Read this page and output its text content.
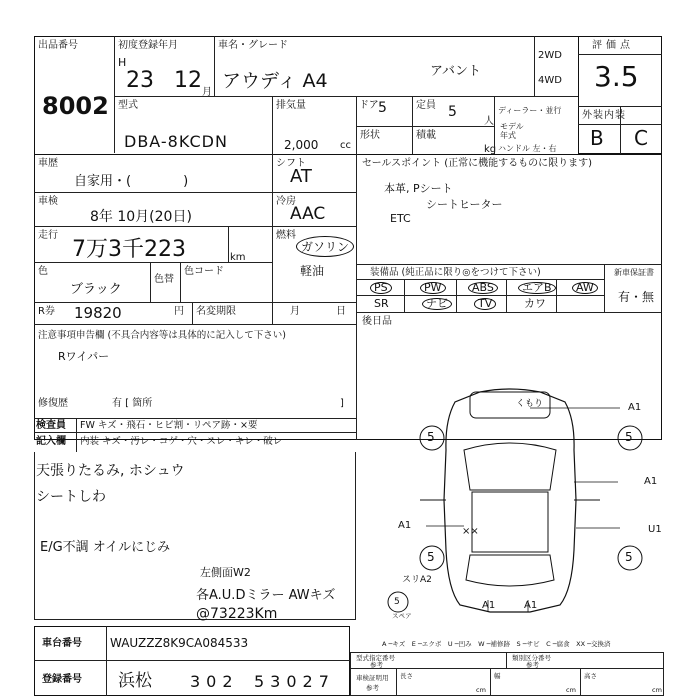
出品番号
8002
初度登録年月
H
23 12 月
車名・グレード
アウディ A4	アバント
2WD
4WD
評価点
3.5
外装内装
B C
型式
DBA-8KCDN
排気量
2,000 cc
ドア 5	定員 5
人
形状	積載
kg
ディーラー・並行
モデル年式
ハンドル 左・右
車歴
自家用・(　　　　)
シフト
AT
車検
8年 10月(20日)
冷房
AAC
走行
7万3千223	km
燃料
ガソリン
軽油
色
ブラック
色替
色コード
R券 19820	円 名変期限	月	日
注意事項申告欄 (不具合内容等は具体的に記入して下さい)
Rワイパー
修復歴	有 [ 箇所	]
セールスポイント (正常に機能するものに限ります)
本革, Pシート
シートヒーター
ETC
装備品 (純正品に限り◎をつけて下さい)	新車保証書
有・無
PS	PW	ABS	エアB	AW
SR	ナビ	TV	カワ
後日品
検査員 FW キズ・飛石・ヒビ割・リペア跡・×要
記入欄 内装 キズ・汚レ・コゲ・穴・スレ・キレ・破レ
天張りたるみ, ホシュウ
シートしわ
E/G不調 オイルにじみ
左側面W2
各A.U.Dミラー AWキズ
@73223Km
くもり	A1
A1
A1	U1
A1	A1
スリA2
××
5	5
5	5
5
スペア
A ─キズ　E ─エクボ　U ─凹み　W ─補修跡　S ─サビ　C ─腐食　XX ─交換済
車台番号 WAUZZZ8K9CA084533
登録番号 浜松 302 53027
型式指定番号	類別区分番号
参考	参考
車検証明用
参考
長さ
cm
幅
cm
高さ
cm
